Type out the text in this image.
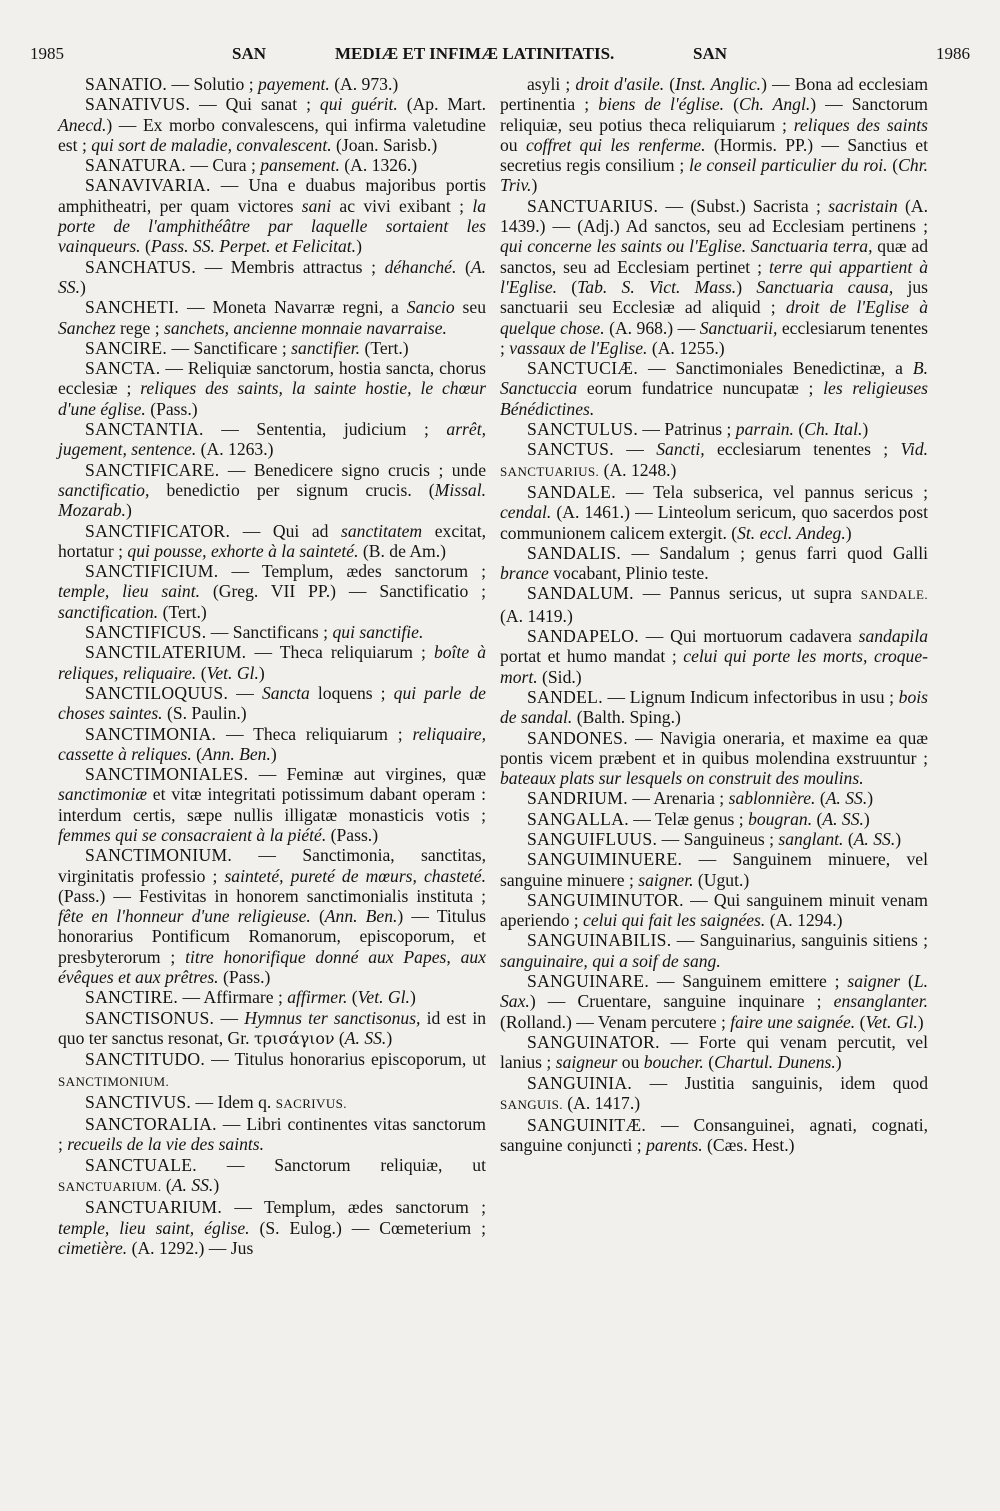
1985	SAN	MEDIÆ ET INFIMÆ LATINITATIS.	SAN	1986

SANATIO. — Solutio ; payement. (A. 973.)

SANATIVUS. — Qui sanat ; qui guérit. (Ap. Mart. Anecd.) — Ex morbo convalescens, qui infirma valetudine est ; qui sort de maladie, convalescent. (Joan. Sarisb.)

SANATURA. — Cura ; pansement. (A. 1326.)

SANAVIVARIA. — Una e duabus majoribus portis amphitheatri, per quam victores sani ac vivi exibant ; la porte de l'amphithéâtre par laquelle sortaient les vainqueurs. (Pass. SS. Perpet. et Felicitat.)

SANCHATUS. — Membris attractus ; déhanché. (A. SS.)

SANCHETI. — Moneta Navarræ regni, a Sancio seu Sanchez rege ; sanchets, ancienne monnaie navarraise.

SANCIRE. — Sanctificare ; sanctifier. (Tert.)

SANCTA. — Reliquiæ sanctorum, hostia sancta, chorus ecclesiæ ; reliques des saints, la sainte hostie, le chœur d'une église. (Pass.)

SANCTANTIA. — Sententia, judicium ; arrêt, jugement, sentence. (A. 1263.)

SANCTIFICARE. — Benedicere signo crucis ; unde sanctificatio, benedictio per signum crucis. (Missal. Mozarab.)

SANCTIFICATOR. — Qui ad sanctitatem excitat, hortatur ; qui pousse, exhorte à la sainteté. (B. de Am.)

SANCTIFICIUM. — Templum, ædes sanctorum ; temple, lieu saint. (Greg. VII PP.) — Sanctificatio ; sanctification. (Tert.)

SANCTIFICUS. — Sanctificans ; qui sanctifie.

SANCTILATERIUM. — Theca reliquiarum ; boîte à reliques, reliquaire. (Vet. Gl.)

SANCTILOQUUS. — Sancta loquens ; qui parle de choses saintes. (S. Paulin.)

SANCTIMONIA. — Theca reliquiarum ; reliquaire, cassette à reliques. (Ann. Ben.)

SANCTIMONIALES. — Feminæ aut virgines, quæ sanctimoniæ et vitæ integritati potissimum dabant operam : interdum certis, sæpe nullis illigatæ monasticis votis ; femmes qui se consacraient à la piété. (Pass.)

SANCTIMONIUM. — Sanctimonia, sanctitas, virginitatis professio ; sainteté, pureté de mœurs, chasteté. (Pass.) — Festivitas in honorem sanctimonialis instituta ; fête en l'honneur d'une religieuse. (Ann. Ben.) — Titulus honorarius Pontificum Romanorum, episcoporum, et presbyterorum ; titre honorifique donné aux Papes, aux évêques et aux prêtres. (Pass.)

SANCTIRE. — Affirmare ; affirmer. (Vet. Gl.)

SANCTISONUS. — Hymnus ter sanctisonus, id est in quo ter sanctus resonat, Gr. τρισάγιον (A. SS.)

SANCTITUDO. — Titulus honorarius episcoporum, ut SANCTIMONIUM.

SANCTIVUS. — Idem q. SACRIVUS.

SANCTORALIA. — Libri continentes vitas sanctorum ; recueils de la vie des saints.

SANCTUALE. — Sanctorum reliquiæ, ut SANCTUARIUM. (A. SS.)

SANCTUARIUM. — Templum, ædes sanctorum ; temple, lieu saint, église. (S. Eulog.) — Cœmeterium ; cimetière. (A. 1292.) — Jus

asyli ; droit d'asile. (Inst. Anglic.) — Bona ad ecclesiam pertinentia ; biens de l'église. (Ch. Angl.) — Sanctorum reliquiæ, seu potius theca reliquiarum ; reliques des saints ou coffret qui les renferme. (Hormis. PP.) — Sanctius et secretius regis consilium ; le conseil particulier du roi. (Chr. Triv.)

SANCTUARIUS. — (Subst.) Sacrista ; sacristain (A. 1439.) — (Adj.) Ad sanctos, seu ad Ecclesiam pertinens ; qui concerne les saints ou l'Eglise. Sanctuaria terra, quæ ad sanctos, seu ad Ecclesiam pertinet ; terre qui appartient à l'Eglise. (Tab. S. Vict. Mass.) Sanctuaria causa, jus sanctuarii seu Ecclesiæ ad aliquid ; droit de l'Eglise à quelque chose. (A. 968.) — Sanctuarii, ecclesiarum tenentes ; vassaux de l'Eglise. (A. 1255.)

SANCTUCIÆ. — Sanctimoniales Benedictinæ, a B. Sanctuccia eorum fundatrice nuncupatæ ; les religieuses Bénédictines.

SANCTULUS. — Patrinus ; parrain. (Ch. Ital.)

SANCTUS. — Sancti, ecclesiarum tenentes ; Vid. SANCTUARIUS. (A. 1248.)

SANDALE. — Tela subserica, vel pannus sericus ; cendal. (A. 1461.) — Linteolum sericum, quo sacerdos post communionem calicem extergit. (St. eccl. Andeg.)

SANDALIS. — Sandalum ; genus farri quod Galli brance vocabant, Plinio teste.

SANDALUM. — Pannus sericus, ut supra SANDALE. (A. 1419.)

SANDAPELO. — Qui mortuorum cadavera sandapila portat et humo mandat ; celui qui porte les morts, croque-mort. (Sid.)

SANDEL. — Lignum Indicum infectoribus in usu ; bois de sandal. (Balth. Sping.)

SANDONES. — Navigia oneraria, et maxime ea quæ pontis vicem præbent et in quibus molendina exstruuntur ; bateaux plats sur lesquels on construit des moulins.

SANDRIUM. — Arenaria ; sablonnière. (A. SS.)

SANGALLA. — Telæ genus ; bougran. (A. SS.)

SANGUIFLUUS. — Sanguineus ; sanglant. (A. SS.)

SANGUIMINUERE. — Sanguinem minuere, vel sanguine minuere ; saigner. (Ugut.)

SANGUIMINUTOR. — Qui sanguinem minuit venam aperiendo ; celui qui fait les saignées. (A. 1294.)

SANGUINABILIS. — Sanguinarius, sanguinis sitiens ; sanguinaire, qui a soif de sang.

SANGUINARE. — Sanguinem emittere ; saigner (L. Sax.) — Cruentare, sanguine inquinare ; ensanglanter. (Rolland.) — Venam percutere ; faire une saignée. (Vet. Gl.)

SANGUINATOR. — Forte qui venam percutit, vel lanius ; saigneur ou boucher. (Chartul. Dunens.)

SANGUINIA. — Justitia sanguinis, idem quod SANGUIS. (A. 1417.)

SANGUINITÆ. — Consanguinei, agnati, cognati, sanguine conjuncti ; parents. (Cæs. Hest.)
